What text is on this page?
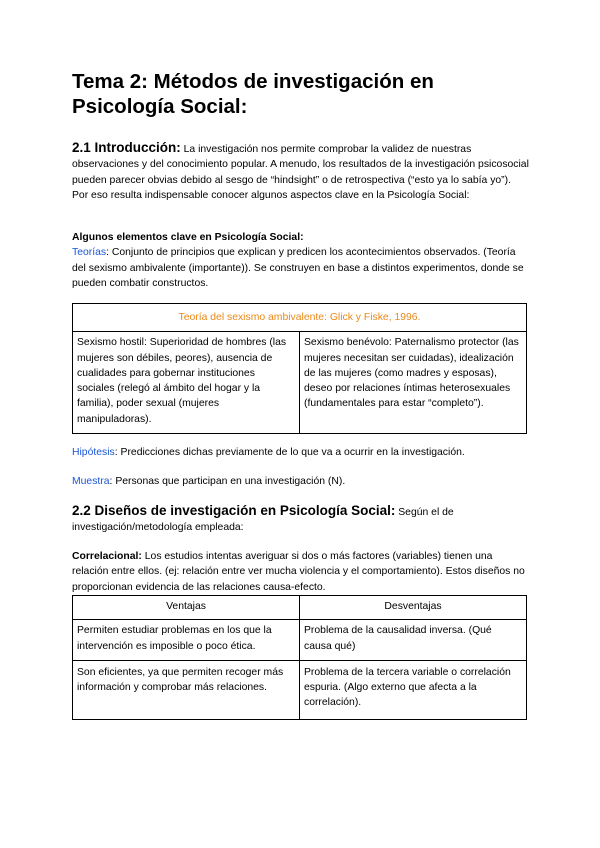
Tema 2: Métodos de investigación en
Psicología Social:
2.1 Introducción: La investigación nos permite comprobar la validez de nuestras observaciones y del conocimiento popular. A menudo, los resultados de la investigación psicosocial pueden parecer obvias debido al sesgo de “hindsight” o de retrospectiva (“esto ya lo sabía yo”). Por eso resulta indispensable conocer algunos aspectos clave en la Psicología Social:
Algunos elementos clave en Psicología Social:
Teorías: Conjunto de principios que explican y predicen los acontecimientos observados. (Teoría del sexismo ambivalente (importante)). Se construyen en base a distintos experimentos, donde se pueden combatir constructos.
Teoría del sexismo ambivalente: Glick y Fiske, 1996.
Sexismo hostil: Superioridad de hombres (las mujeres son débiles, peores), ausencia de cualidades para gobernar instituciones sociales (relegó al ámbito del hogar y la familia), poder sexual (mujeres manipuladoras).	Sexismo benévolo: Paternalismo protector (las mujeres necesitan ser cuidadas), idealización de las mujeres (como madres y esposas), deseo por relaciones íntimas heterosexuales (fundamentales para estar “completo”).
Hipótesis: Predicciones dichas previamente de lo que va a ocurrir en la investigación.
Muestra: Personas que participan en una investigación (N).
2.2 Diseños de investigación en Psicología Social: Según el de investigación/metodología empleada:
Correlacional: Los estudios intentas averiguar si dos o más factores (variables) tienen una relación entre ellos. (ej: relación entre ver mucha violencia y el comportamiento). Estos diseños no proporcionan evidencia de las relaciones causa-efecto.
Ventajas	Desventajas
Permiten estudiar problemas en los que la intervención es imposible o poco ética.	Problema de la causalidad inversa. (Qué causa qué)
Son eficientes, ya que permiten recoger más información y comprobar más relaciones.	Problema de la tercera variable o correlación espuria. (Algo externo que afecta a la correlación).
